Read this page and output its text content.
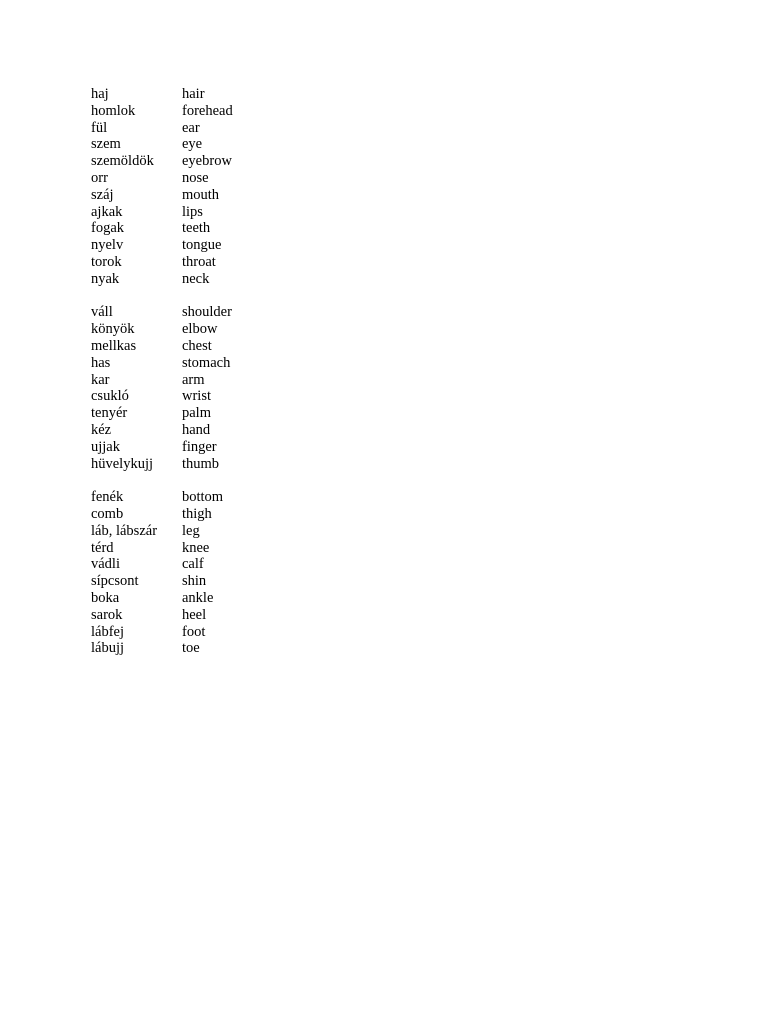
haj	hair
homlok	forehead
fül	ear
szem	eye
szemöldök	eyebrow
orr	nose
száj	mouth
ajkak	lips
fogak	teeth
nyelv	tongue
torok	throat
nyak	neck
váll	shoulder
könyök	elbow
mellkas	chest
has	stomach
kar	arm
csukló	wrist
tenyér	palm
kéz	hand
ujjak	finger
hüvelykujj	thumb
fenék	bottom
comb	thigh
láb, lábszár	leg
térd	knee
vádli	calf
sípcsont	shin
boka	ankle
sarok	heel
lábfej	foot
lábujj	toe
